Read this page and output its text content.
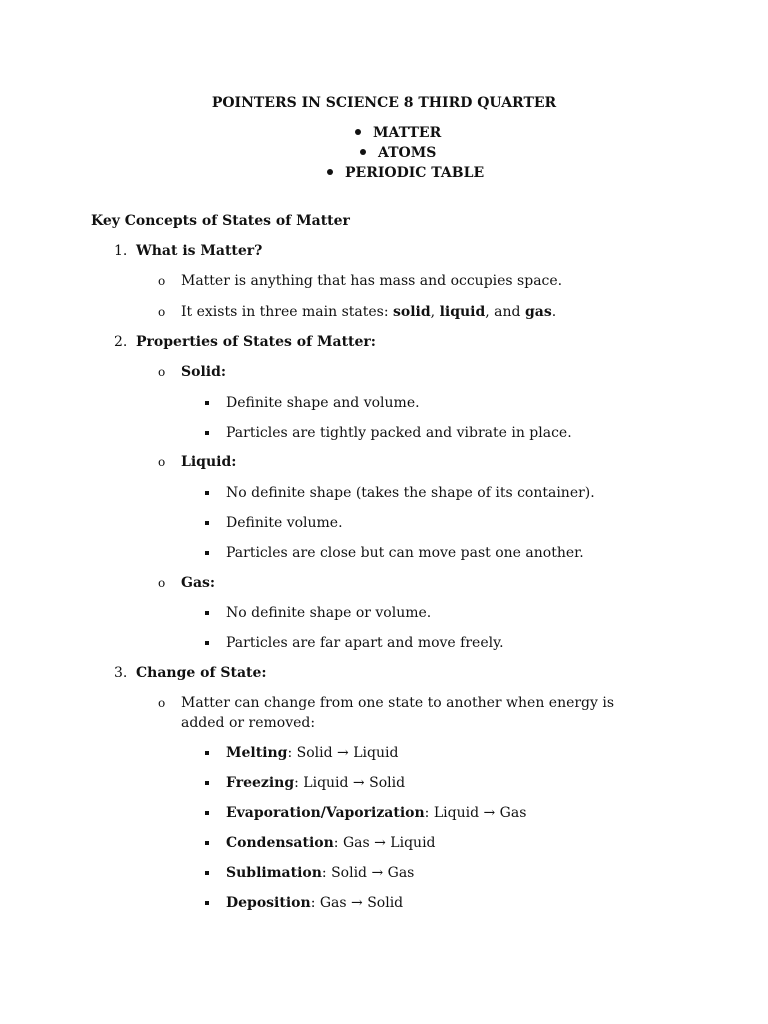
POINTERS IN SCIENCE 8 THIRD QUARTER
MATTER
ATOMS
PERIODIC TABLE
Key Concepts of States of Matter
1. What is Matter?
o Matter is anything that has mass and occupies space.
o It exists in three main states: solid, liquid, and gas.
2. Properties of States of Matter:
o Solid:
Definite shape and volume.
Particles are tightly packed and vibrate in place.
o Liquid:
No definite shape (takes the shape of its container).
Definite volume.
Particles are close but can move past one another.
o Gas:
No definite shape or volume.
Particles are far apart and move freely.
3. Change of State:
o Matter can change from one state to another when energy is added or removed:
Melting: Solid → Liquid
Freezing: Liquid → Solid
Evaporation/Vaporization: Liquid → Gas
Condensation: Gas → Liquid
Sublimation: Solid → Gas
Deposition: Gas → Solid
